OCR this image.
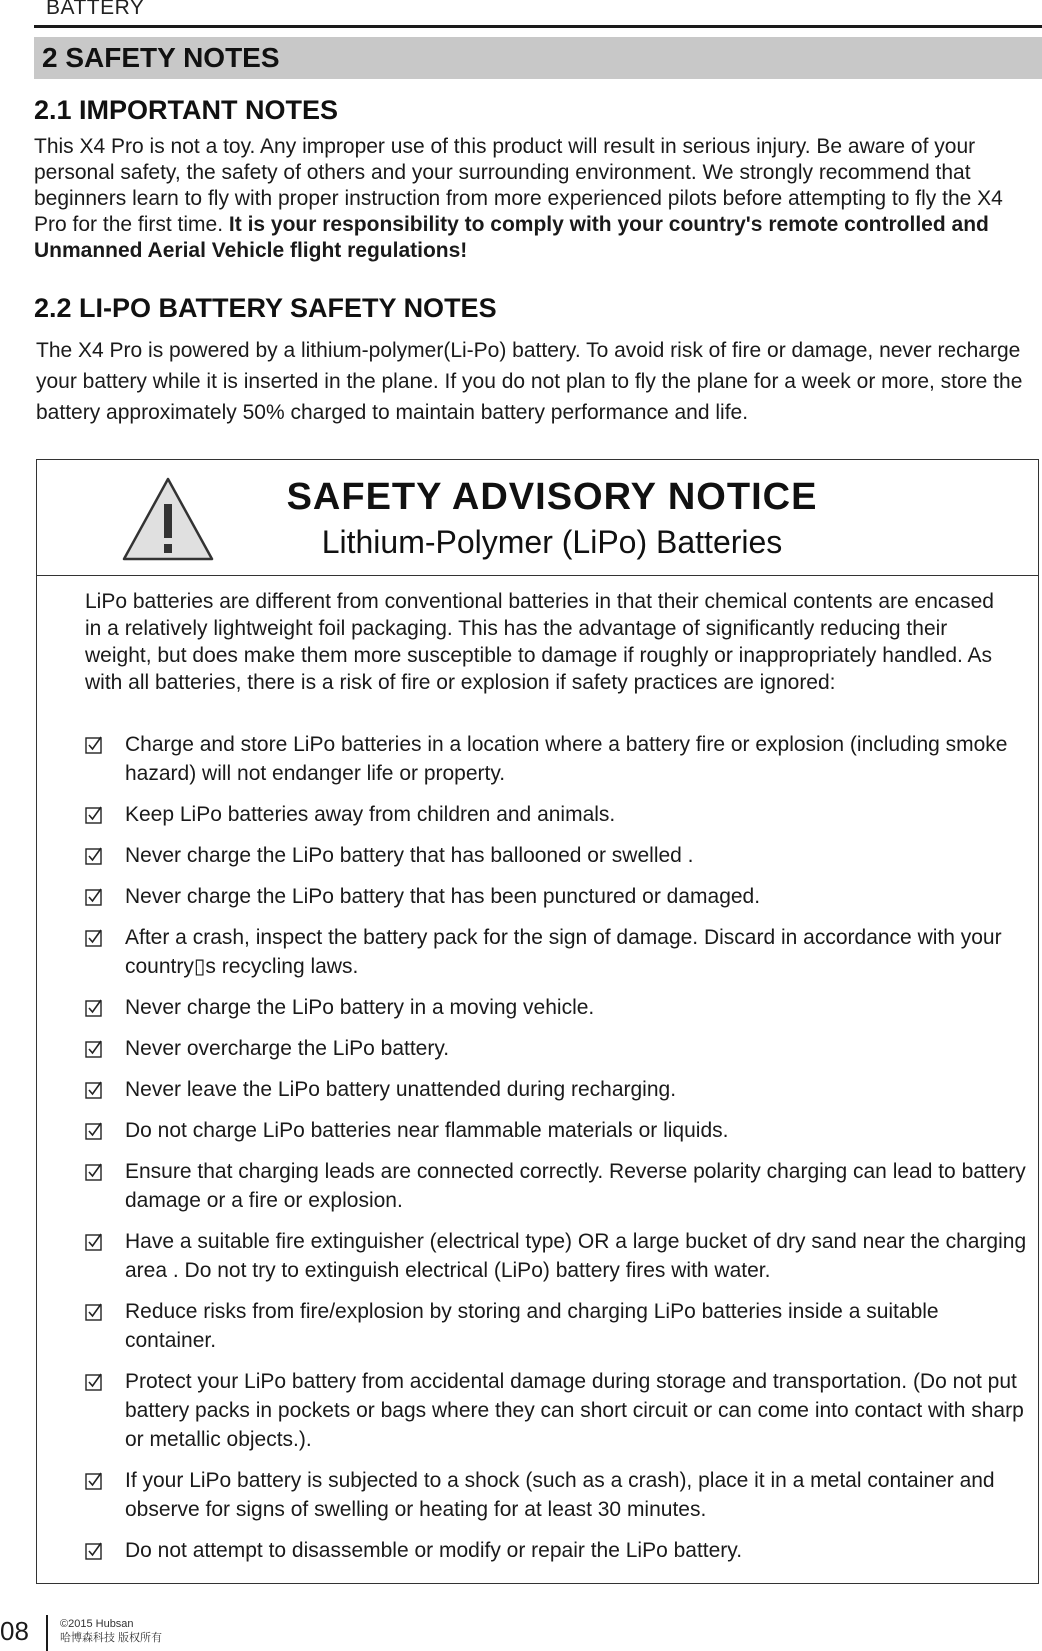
BATTERY
2 SAFETY NOTES
2.1 IMPORTANT NOTES

This X4 Pro is not a toy. Any improper use of this product will result in serious injury. Be aware of your personal safety, the safety of others and your surrounding environment. We strongly recommend that beginners learn to fly with proper instruction from more experienced pilots before attempting to fly the X4 Pro for the first time. It is your responsibility to comply with your country's remote controlled and Unmanned Aerial Vehicle flight regulations!

2.2 LI-PO BATTERY SAFETY NOTES

The X4 Pro is powered by a lithium-polymer(Li-Po) battery. To avoid risk of fire or damage, never recharge your battery while it is inserted in the plane. If you do not plan to fly the plane for a week or more, store the battery approximately 50% charged to maintain battery performance and life.

SAFETY ADVISORY NOTICE
Lithium-Polymer (LiPo) Batteries

LiPo batteries are different from conventional batteries in that their chemical contents are encased in a relatively lightweight foil packaging. This has the advantage of significantly reducing their weight, but does make them more susceptible to damage if roughly or inappropriately handled. As with all batteries, there is a risk of fire or explosion if safety practices are ignored:

Charge and store LiPo batteries in a location where a battery fire or explosion (including smoke hazard) will not endanger life or property.
Keep LiPo batteries away from children and animals.
Never charge the LiPo battery that has ballooned or swelled .
Never charge the LiPo battery that has been punctured or damaged.
After a crash, inspect the battery pack for the sign of damage. Discard in accordance with your country▯s recycling laws.
Never charge the LiPo battery in a moving vehicle.
Never overcharge the LiPo battery.
Never leave the LiPo battery unattended during recharging.
Do not charge LiPo batteries near flammable materials or liquids.
Ensure that charging leads are connected correctly. Reverse polarity charging can lead to battery damage or a fire or explosion.
Have a suitable fire extinguisher (electrical type) OR a large bucket of dry sand near the charging area . Do not try to extinguish electrical (LiPo) battery fires with water.
Reduce risks from fire/explosion by storing and charging LiPo batteries inside a suitable container.
Protect your LiPo battery from accidental damage during storage and transportation. (Do not put battery packs in pockets or bags where they can short circuit or can come into contact with sharp or metallic objects.).
If your LiPo battery is subjected to a shock (such as a crash), place it in a metal container and observe for signs of swelling or heating for at least 30 minutes.
Do not attempt to disassemble or modify or repair the LiPo battery.
08	©2015 Hubsan
哈博森科技 版权所有
